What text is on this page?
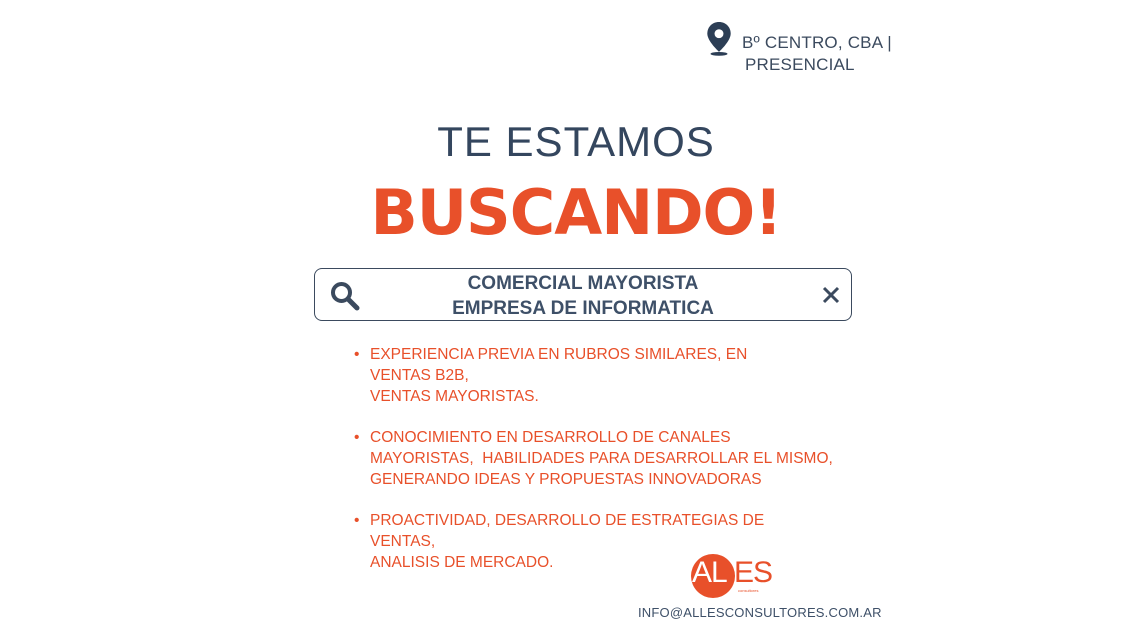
Bº CENTRO, CBA |
PRESENCIAL
TE ESTAMOS
BUSCANDO!
COMERCIAL MAYORISTA
EMPRESA DE INFORMATICA
• EXPERIENCIA PREVIA EN RUBROS SIMILARES, EN VENTAS B2B,
VENTAS MAYORISTAS.
• CONOCIMIENTO EN DESARROLLO DE CANALES
MAYORISTAS,  HABILIDADES PARA DESARROLLAR EL MISMO,
GENERANDO IDEAS Y PROPUESTAS INNOVADORAS
• PROACTIVIDAD, DESARROLLO DE ESTRATEGIAS DE VENTAS,
ANALISIS DE MERCADO.	AL ES
consultores
INFO@ALLESCONSULTORES.COM.AR
